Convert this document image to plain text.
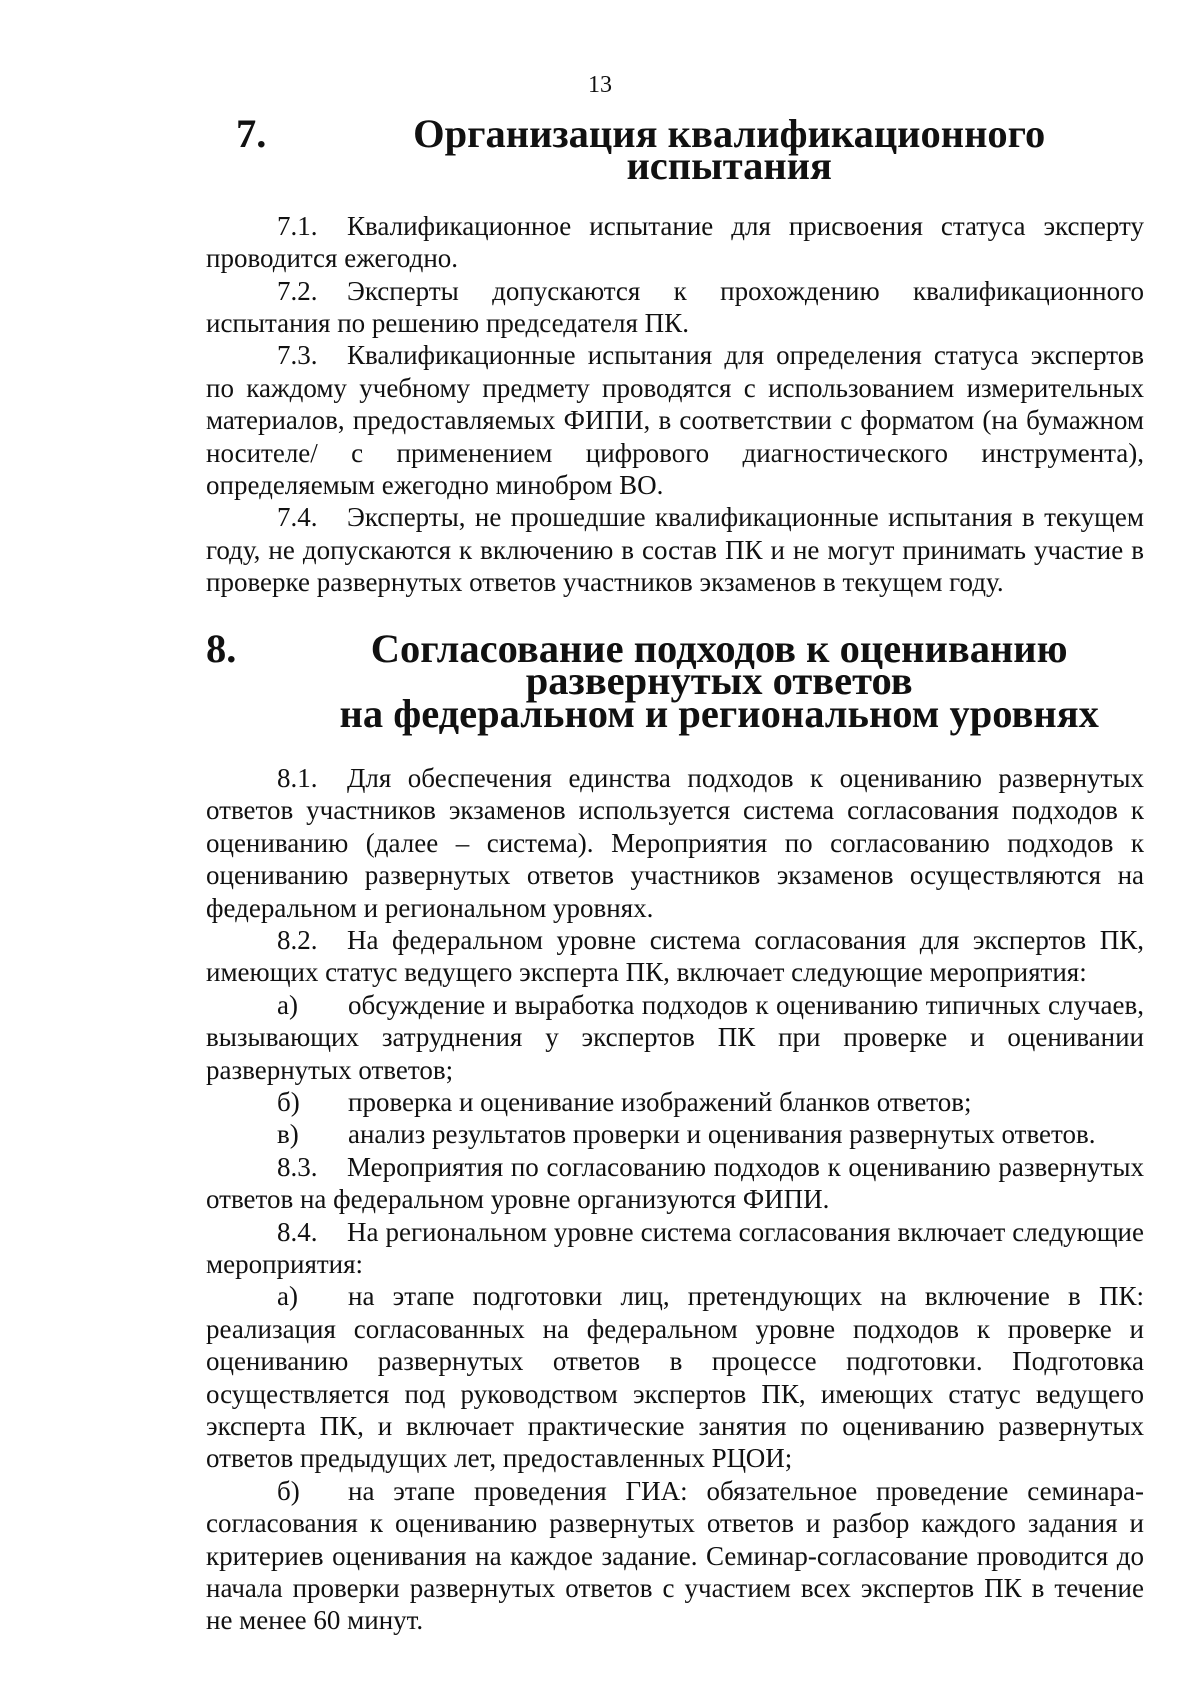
13
7.	Организация квалификационного испытания

7.1. Квалификационное испытание для присвоения статуса эксперту проводится ежегодно.

7.2. Эксперты допускаются к прохождению квалификационного испытания по решению председателя ПК.

7.3. Квалификационные испытания для определения статуса экспертов по каждому учебному предмету проводятся с использованием измерительных материалов, предоставляемых ФИПИ, в соответствии с форматом (на бумажном носителе/ с применением цифрового диагностического инструмента), определяемым ежегодно минобром ВО.

7.4. Эксперты, не прошедшие квалификационные испытания в текущем году, не допускаются к включению в состав ПК и не могут принимать участие в проверке развернутых ответов участников экзаменов в текущем году.

8.	Согласование подходов к оцениванию развернутых ответов
на федеральном и региональном уровнях

8.1. Для обеспечения единства подходов к оцениванию развернутых ответов участников экзаменов используется система согласования подходов к оцениванию (далее – система). Мероприятия по согласованию подходов к оцениванию развернутых ответов участников экзаменов осуществляются на федеральном и региональном уровнях.

8.2. На федеральном уровне система согласования для экспертов ПК, имеющих статус ведущего эксперта ПК, включает следующие мероприятия:

а) обсуждение и выработка подходов к оцениванию типичных случаев, вызывающих затруднения у экспертов ПК при проверке и оценивании развернутых ответов;

б) проверка и оценивание изображений бланков ответов;

в) анализ результатов проверки и оценивания развернутых ответов.

8.3. Мероприятия по согласованию подходов к оцениванию развернутых ответов на федеральном уровне организуются ФИПИ.

8.4. На региональном уровне система согласования включает следующие мероприятия:

а) на этапе подготовки лиц, претендующих на включение в ПК: реализация согласованных на федеральном уровне подходов к проверке и оцениванию развернутых ответов в процессе подготовки. Подготовка осуществляется под руководством экспертов ПК, имеющих статус ведущего эксперта ПК, и включает практические занятия по оцениванию развернутых ответов предыдущих лет, предоставленных РЦОИ;

б) на этапе проведения ГИА: обязательное проведение семинара-согласования к оцениванию развернутых ответов и разбор каждого задания и критериев оценивания на каждое задание. Семинар-согласование проводится до начала проверки развернутых ответов с участием всех экспертов ПК в течение не менее 60 минут.
